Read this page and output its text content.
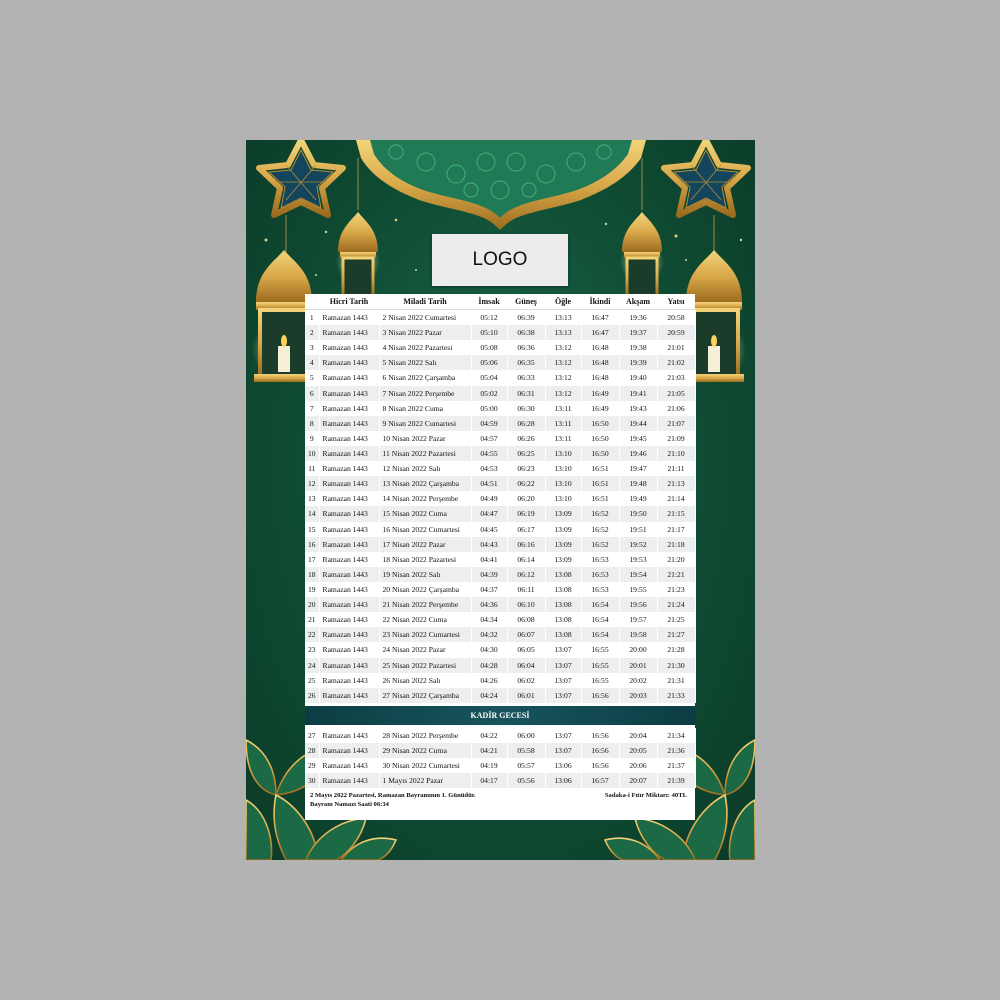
LOGO
	Hicri Tarih	Miladi Tarih	İmsak	Güneş	Öğle	İkindi	Akşam	Yatsı
1	Ramazan 1443	2 Nisan 2022 Cumartesi	05:12	06:39	13:13	16:47	19:36	20:58
2	Ramazan 1443	3 Nisan 2022 Pazar	05:10	06:38	13:13	16:47	19:37	20:59
3	Ramazan 1443	4 Nisan 2022 Pazartesi	05:08	06:36	13:12	16:48	19:38	21:01
4	Ramazan 1443	5 Nisan 2022 Salı	05:06	06:35	13:12	16:48	19:39	21:02
5	Ramazan 1443	6 Nisan 2022 Çarşamba	05:04	06:33	13:12	16:48	19:40	21:03
6	Ramazan 1443	7 Nisan 2022 Perşembe	05:02	06:31	13:12	16:49	19:41	21:05
7	Ramazan 1443	8 Nisan 2022 Cuma	05:00	06:30	13:11	16:49	19:43	21:06
8	Ramazan 1443	9 Nisan 2022 Cumartesi	04:59	06:28	13:11	16:50	19:44	21:07
9	Ramazan 1443	10 Nisan 2022 Pazar	04:57	06:26	13:11	16:50	19:45	21:09
10	Ramazan 1443	11 Nisan 2022 Pazartesi	04:55	06:25	13:10	16:50	19:46	21:10
11	Ramazan 1443	12 Nisan 2022 Salı	04:53	06:23	13:10	16:51	19:47	21:11
12	Ramazan 1443	13 Nisan 2022 Çarşamba	04:51	06:22	13:10	16:51	19:48	21:13
13	Ramazan 1443	14 Nisan 2022 Perşembe	04:49	06:20	13:10	16:51	19:49	21:14
14	Ramazan 1443	15 Nisan 2022 Cuma	04:47	06:19	13:09	16:52	19:50	21:15
15	Ramazan 1443	16 Nisan 2022 Cumartesi	04:45	06:17	13:09	16:52	19:51	21:17
16	Ramazan 1443	17 Nisan 2022 Pazar	04:43	06:16	13:09	16:52	19:52	21:18
17	Ramazan 1443	18 Nisan 2022 Pazartesi	04:41	06:14	13:09	16:53	19:53	21:20
18	Ramazan 1443	19 Nisan 2022 Salı	04:39	06:12	13:08	16:53	19:54	21:21
19	Ramazan 1443	20 Nisan 2022 Çarşamba	04:37	06:11	13:08	16:53	19:55	21:23
20	Ramazan 1443	21 Nisan 2022 Perşembe	04:36	06:10	13:08	16:54	19:56	21:24
21	Ramazan 1443	22 Nisan 2022 Cuma	04:34	06:08	13:08	16:54	19:57	21:25
22	Ramazan 1443	23 Nisan 2022 Cumartesi	04:32	06:07	13:08	16:54	19:58	21:27
23	Ramazan 1443	24 Nisan 2022 Pazar	04:30	06:05	13:07	16:55	20:00	21:28
24	Ramazan 1443	25 Nisan 2022 Pazartesi	04:28	06:04	13:07	16:55	20:01	21:30
25	Ramazan 1443	26 Nisan 2022 Salı	04:26	06:02	13:07	16:55	20:02	21:31
26	Ramazan 1443	27 Nisan 2022 Çarşamba	04:24	06:01	13:07	16:56	20:03	21:33
KADİR GECESİ
27	Ramazan 1443	28 Nisan 2022 Perşembe	04:22	06:00	13:07	16:56	20:04	21:34
28	Ramazan 1443	29 Nisan 2022 Cuma	04:21	05:58	13:07	16:56	20:05	21:36
29	Ramazan 1443	30 Nisan 2022 Cumartesi	04:19	05:57	13:06	16:56	20:06	21:37
30	Ramazan 1443	1 Mayıs 2022 Pazar	04:17	05:56	13:06	16:57	20:07	21:39
2 Mayıs 2022 Pazartesi, Ramazan Bayramının 1. Günüdür.
Bayram Namazı Saati 06:34
Sadaka-i Fıtır Miktarı: 40TL
